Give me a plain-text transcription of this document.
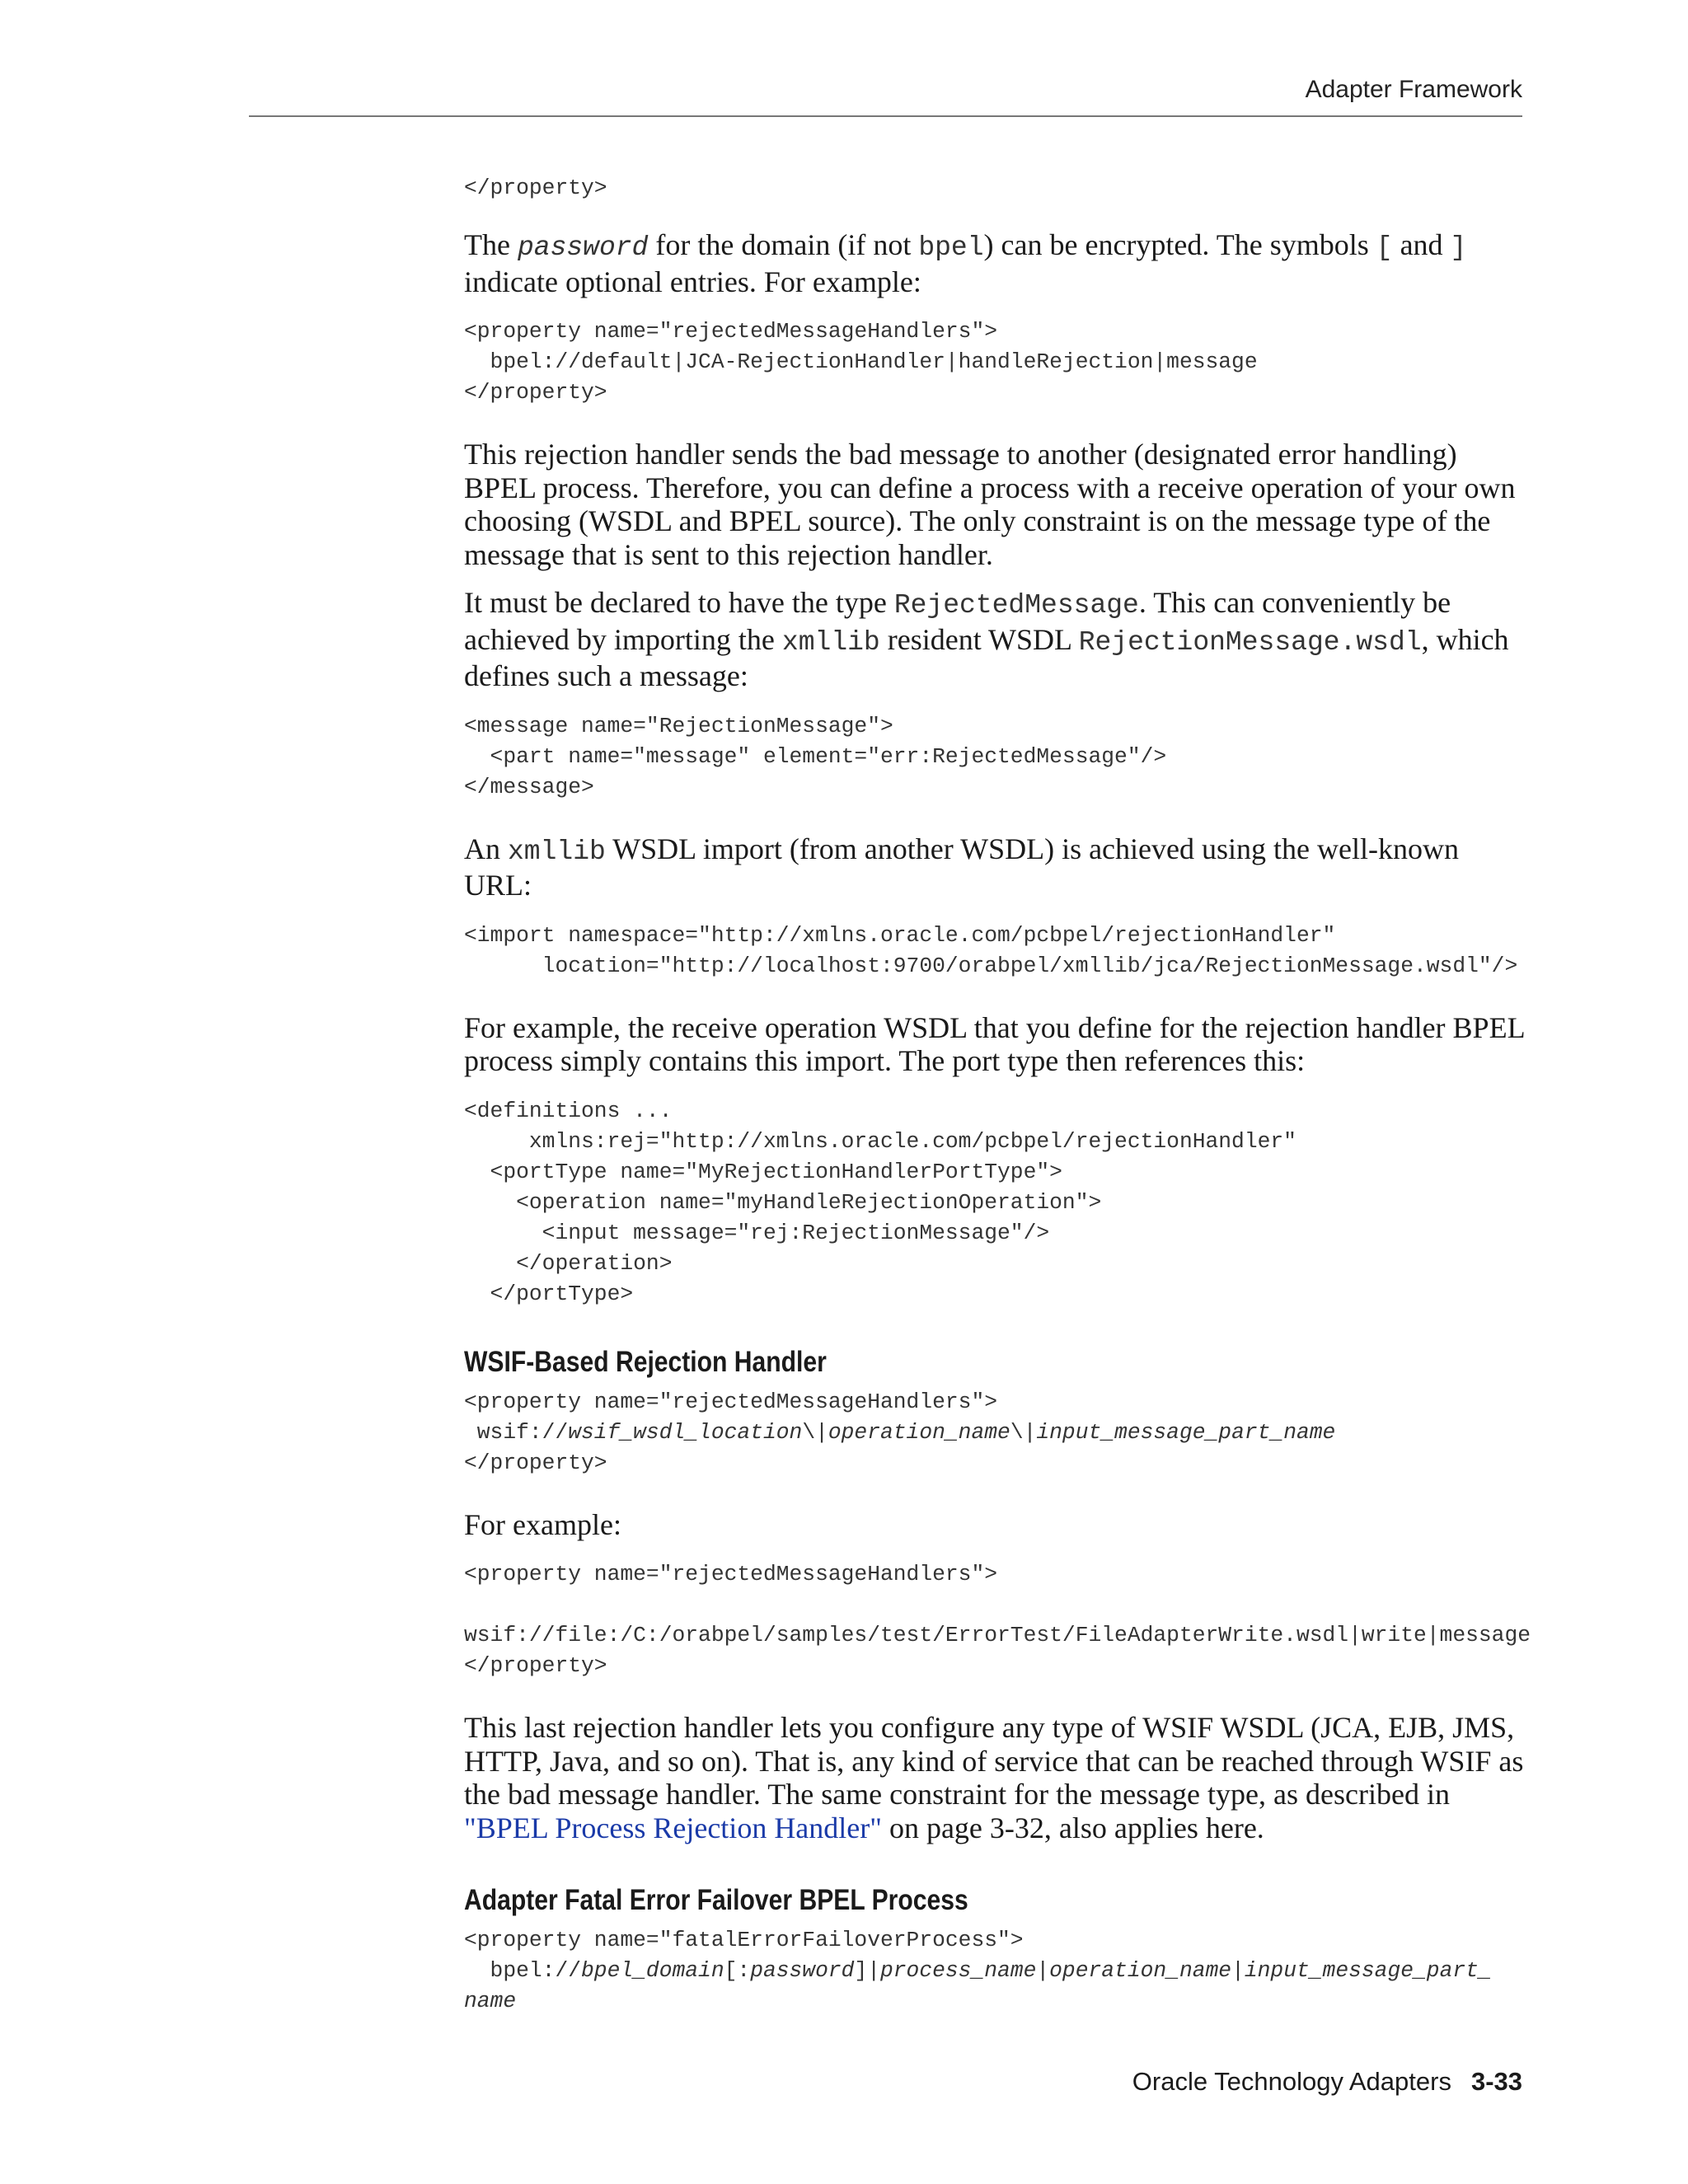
Adapter Framework
</property>

The password for the domain (if not bpel) can be encrypted. The symbols [ and ] indicate optional entries. For example:

<property name="rejectedMessageHandlers">
bpel://default|JCA-RejectionHandler|handleRejection|message
</property>

This rejection handler sends the bad message to another (designated error handling) BPEL process. Therefore, you can define a process with a receive operation of your own choosing (WSDL and BPEL source). The only constraint is on the message type of the message that is sent to this rejection handler.

It must be declared to have the type RejectedMessage. This can conveniently be achieved by importing the xmllib resident WSDL RejectionMessage.wsdl, which defines such a message:

<message name="RejectionMessage">
<part name="message" element="err:RejectedMessage"/>
</message>

An xmllib WSDL import (from another WSDL) is achieved using the well-known URL:

<import namespace="http://xmlns.oracle.com/pcbpel/rejectionHandler"
location="http://localhost:9700/orabpel/xmllib/jca/RejectionMessage.wsdl"/>

For example, the receive operation WSDL that you define for the rejection handler BPEL process simply contains this import. The port type then references this:

<definitions ...
xmlns:rej="http://xmlns.oracle.com/pcbpel/rejectionHandler"
<portType name="MyRejectionHandlerPortType">
<operation name="myHandleRejectionOperation">
<input message="rej:RejectionMessage"/>
</operation>
</portType>
WSIF-Based Rejection Handler
<property name="rejectedMessageHandlers">
wsif://wsif_wsdl_location\|operation_name\|input_message_part_name
</property>

For example:

<property name="rejectedMessageHandlers">

wsif://file:/C:/orabpel/samples/test/ErrorTest/FileAdapterWrite.wsdl|write|message
</property>

This last rejection handler lets you configure any type of WSIF WSDL (JCA, EJB, JMS, HTTP, Java, and so on). That is, any kind of service that can be reached through WSIF as the bad message handler. The same constraint for the message type, as described in "BPEL Process Rejection Handler" on page 3-32, also applies here.

Adapter Fatal Error Failover BPEL Process
<property name="fatalErrorFailoverProcess">
bpel://bpel_domain[:password]|process_name|operation_name|input_message_part_
name
Oracle Technology Adapters 3-33
